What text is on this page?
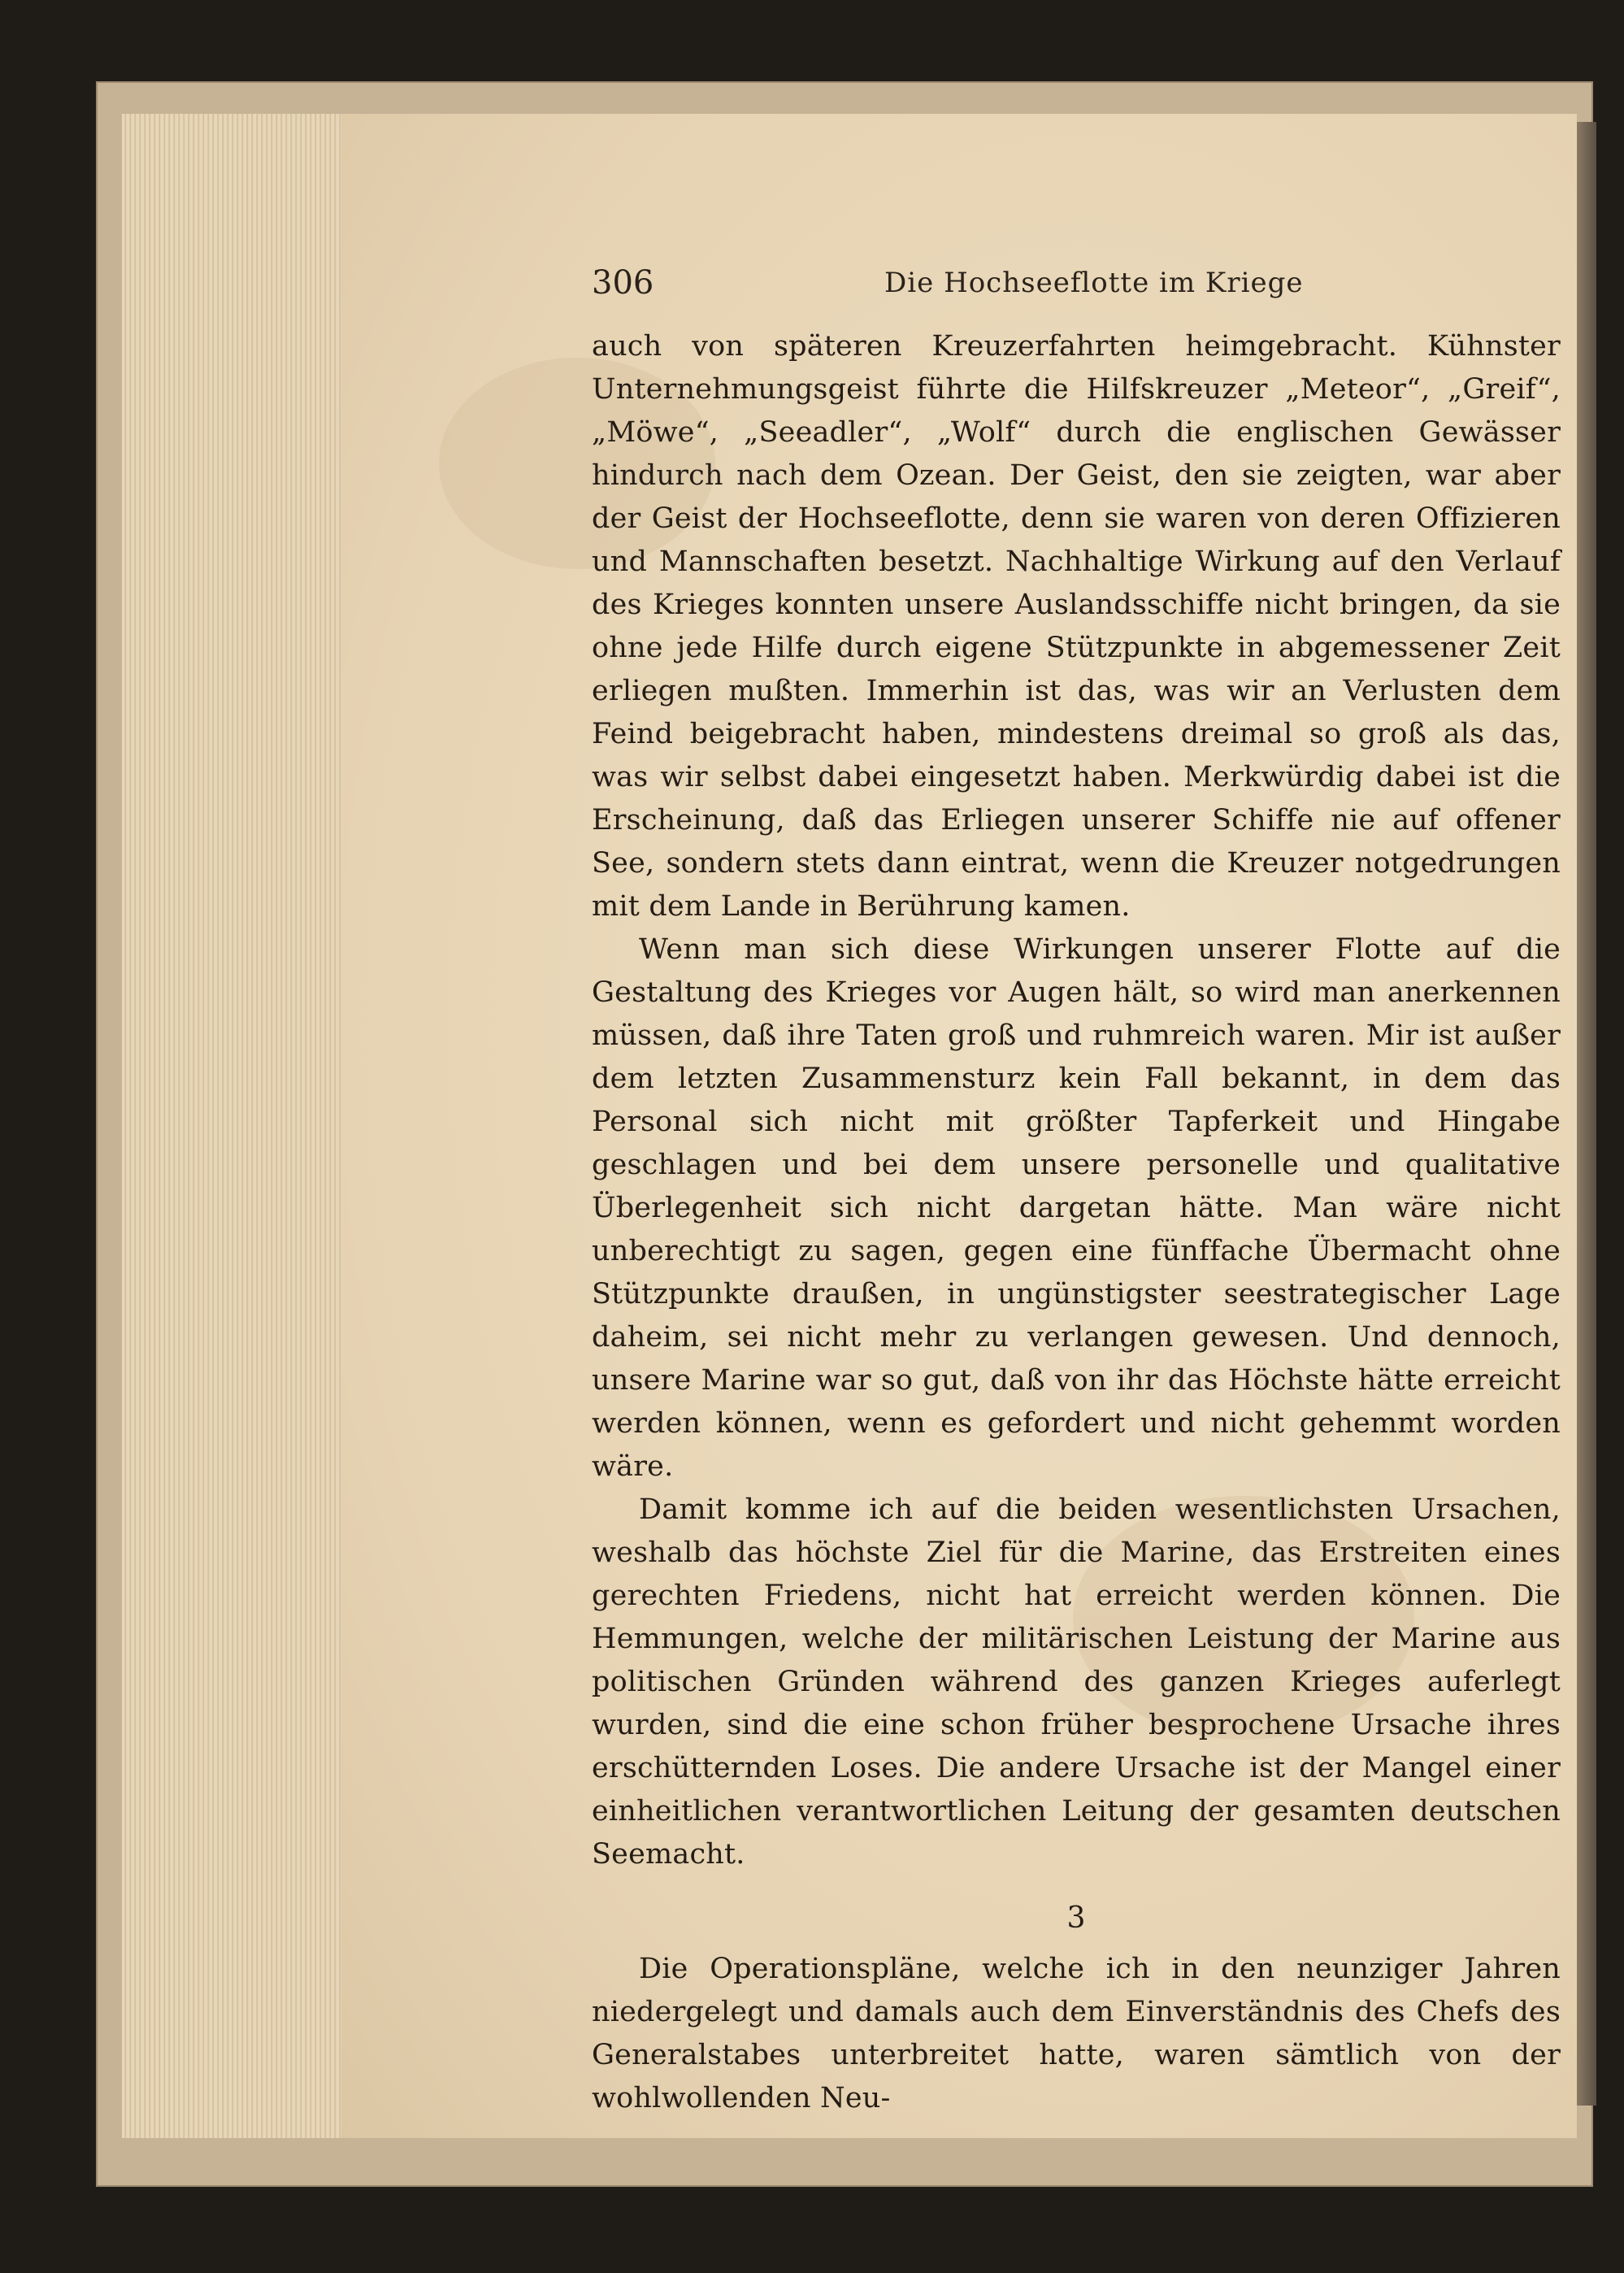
306	Die Hochseeflotte im Kriege

auch von späteren Kreuzerfahrten heimgebracht. Kühnster Unternehmungsgeist führte die Hilfskreuzer „Meteor“, „Greif“, „Möwe“, „Seeadler“, „Wolf“ durch die englischen Gewässer hindurch nach dem Ozean. Der Geist, den sie zeigten, war aber der Geist der Hochseeflotte, denn sie waren von deren Offizieren und Mannschaften besetzt. Nachhaltige Wirkung auf den Verlauf des Krieges konnten unsere Auslandsschiffe nicht bringen, da sie ohne jede Hilfe durch eigene Stützpunkte in abgemessener Zeit erliegen mußten. Immerhin ist das, was wir an Verlusten dem Feind beigebracht haben, mindestens dreimal so groß als das, was wir selbst dabei eingesetzt haben. Merkwürdig dabei ist die Erscheinung, daß das Erliegen unserer Schiffe nie auf offener See, sondern stets dann eintrat, wenn die Kreuzer notgedrungen mit dem Lande in Berührung kamen.

Wenn man sich diese Wirkungen unserer Flotte auf die Gestaltung des Krieges vor Augen hält, so wird man anerkennen müssen, daß ihre Taten groß und ruhmreich waren. Mir ist außer dem letzten Zusammensturz kein Fall bekannt, in dem das Personal sich nicht mit größter Tapferkeit und Hingabe geschlagen und bei dem unsere personelle und qualitative Überlegenheit sich nicht dargetan hätte. Man wäre nicht unberechtigt zu sagen, gegen eine fünffache Übermacht ohne Stützpunkte draußen, in ungünstigster seestrategischer Lage daheim, sei nicht mehr zu verlangen gewesen. Und dennoch, unsere Marine war so gut, daß von ihr das Höchste hätte erreicht werden können, wenn es gefordert und nicht gehemmt worden wäre.

Damit komme ich auf die beiden wesentlichsten Ursachen, weshalb das höchste Ziel für die Marine, das Erstreiten eines gerechten Friedens, nicht hat erreicht werden können. Die Hemmungen, welche der militärischen Leistung der Marine aus politischen Gründen während des ganzen Krieges auferlegt wurden, sind die eine schon früher besprochene Ursache ihres erschütternden Loses. Die andere Ursache ist der Mangel einer einheitlichen verantwortlichen Leitung der gesamten deutschen Seemacht.

3

Die Operationspläne, welche ich in den neunziger Jahren niedergelegt und damals auch dem Einverständnis des Chefs des Generalstabes unterbreitet hatte, waren sämtlich von der wohlwollenden Neu-
